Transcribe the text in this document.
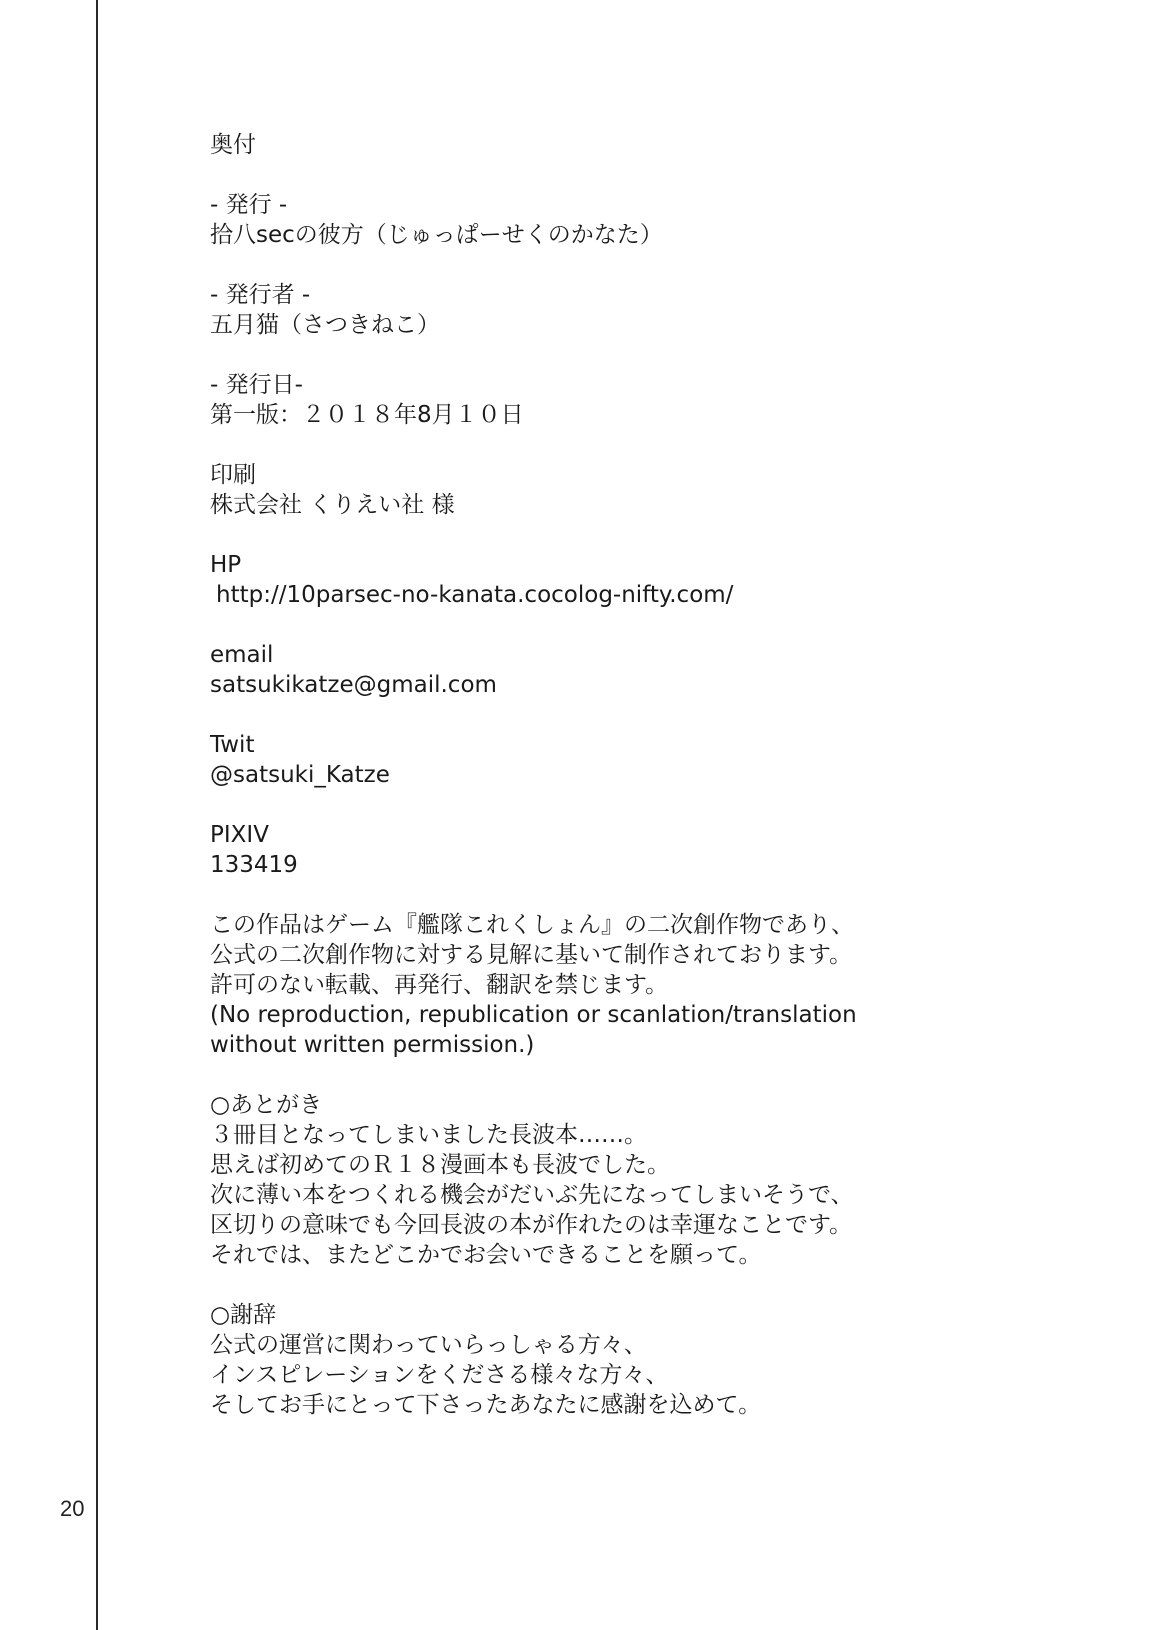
20
奥付
- 発行 -
拾八secの彼方（じゅっぱーせくのかなた）
- 発行者 -
五月猫（さつきねこ）
- 発行日-
第一版：２０１８年8月１０日
印刷
株式会社 くりえい社 様
HP
http://10parsec-no-kanata.cocolog-nifty.com/
email
satsukikatze@gmail.com
Twit
@satsuki_Katze
PIXIV
133419
この作品はゲーム『艦隊これくしょん』の二次創作物であり、
公式の二次創作物に対する見解に基いて制作されております。
許可のない転載、再発行、翻訳を禁じます。
(No reproduction, republication or scanlation/translation
without written permission.)
○あとがき
３冊目となってしまいました長波本……。
思えば初めてのＲ１８漫画本も長波でした。
次に薄い本をつくれる機会がだいぶ先になってしまいそうで、
区切りの意味でも今回長波の本が作れたのは幸運なことです。
それでは、またどこかでお会いできることを願って。
○謝辞
公式の運営に関わっていらっしゃる方々、
インスピレーションをくださる様々な方々、
そしてお手にとって下さったあなたに感謝を込めて。
